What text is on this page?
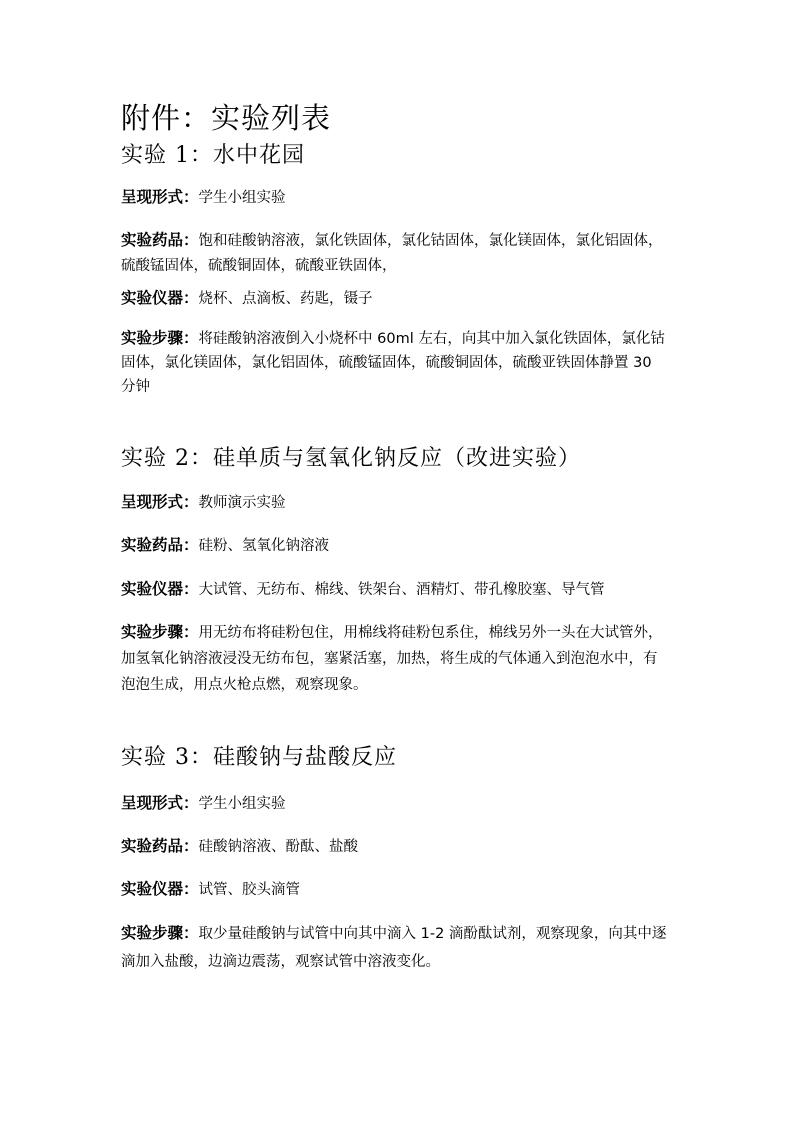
附件：实验列表
实验 1：水中花园

呈现形式：学生小组实验

实验药品：饱和硅酸钠溶液，氯化铁固体，氯化钴固体，氯化镁固体，氯化铝固体，硫酸锰固体，硫酸铜固体，硫酸亚铁固体，

实验仪器：烧杯、点滴板、药匙，镊子

实验步骤：将硅酸钠溶液倒入小烧杯中 60ml 左右，向其中加入氯化铁固体，氯化钴固体，氯化镁固体，氯化铝固体，硫酸锰固体，硫酸铜固体，硫酸亚铁固体静置 30 分钟

实验 2：硅单质与氢氧化钠反应（改进实验）

呈现形式：教师演示实验

实验药品：硅粉、氢氧化钠溶液

实验仪器：大试管、无纺布、棉线、铁架台、酒精灯、带孔橡胶塞、导气管

实验步骤：用无纺布将硅粉包住，用棉线将硅粉包系住，棉线另外一头在大试管外，加氢氧化钠溶液浸没无纺布包，塞紧活塞，加热，将生成的气体通入到泡泡水中，有泡泡生成，用点火枪点燃，观察现象。

实验 3：硅酸钠与盐酸反应

呈现形式：学生小组实验

实验药品：硅酸钠溶液、酚酞、盐酸

实验仪器：试管、胶头滴管

实验步骤：取少量硅酸钠与试管中向其中滴入 1-2 滴酚酞试剂，观察现象，向其中逐滴加入盐酸，边滴边震荡，观察试管中溶液变化。
